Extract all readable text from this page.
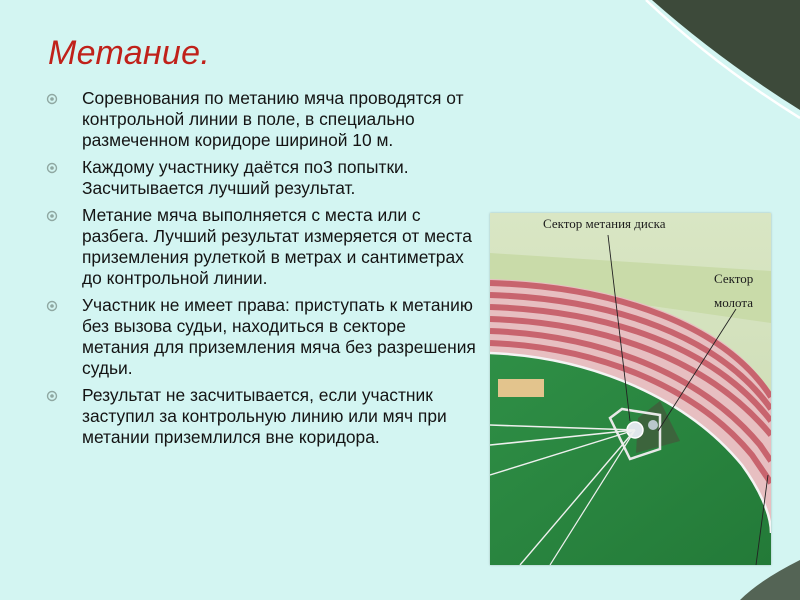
Метание.
Соревнования по метанию мяча проводятся от контрольной линии в поле, в специально размеченном коридоре шириной 10 м.
Каждому участнику даётся по3 попытки. Засчитывается лучший результат.
Метание мяча выполняется с места или с разбега. Лучший результат измеряется от места приземления рулеткой в метрах и сантиметрах до контрольной линии.
Участник не имеет права: приступать к метанию без вызова судьи, находиться в секторе метания для приземления мяча без разрешения судьи.
Результат не засчитывается, если участник заступил за контрольную линию или мяч при метании приземлился вне коридора.
Сектор метания диска
Сектор
молота
